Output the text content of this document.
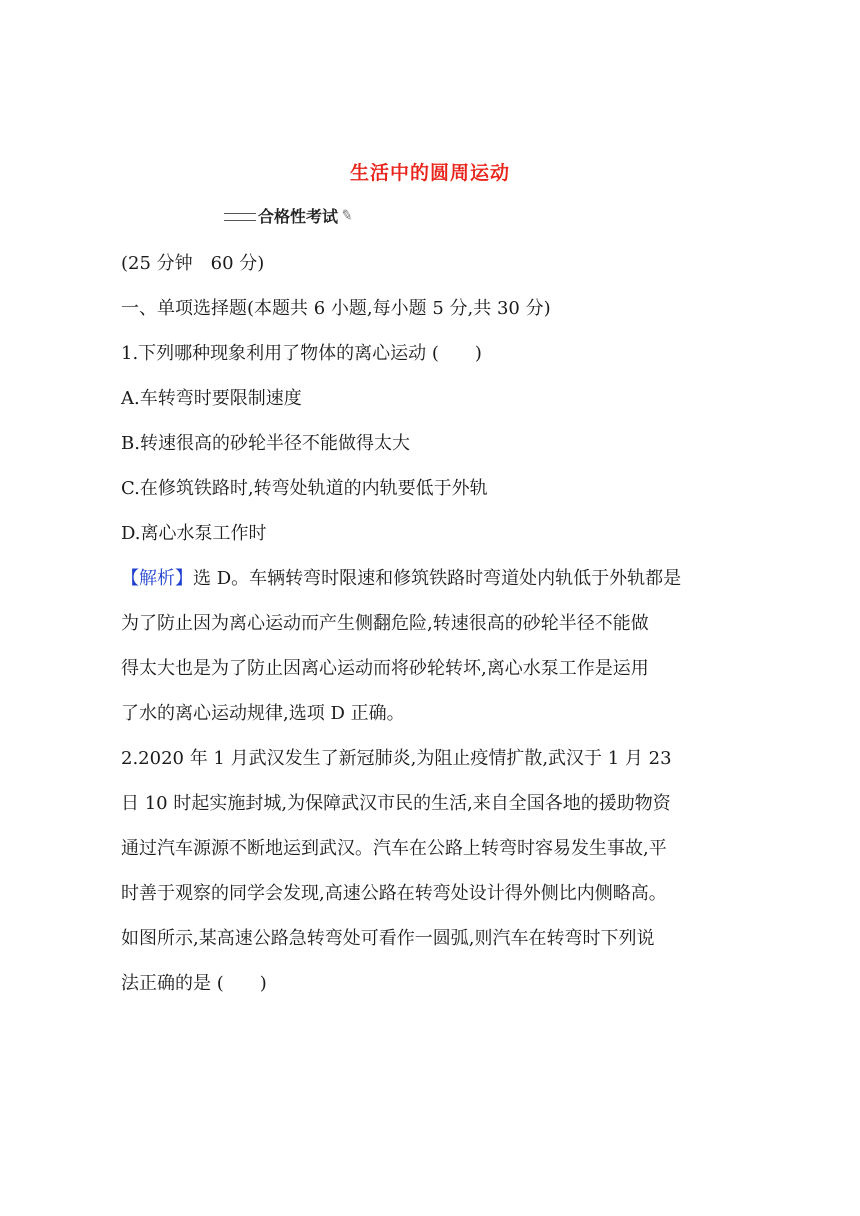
生活中的圆周运动
合格性考试 ✎
(25 分钟　60 分)
一、单项选择题(本题共 6 小题,每小题 5 分,共 30 分)
1.下列哪种现象利用了物体的离心运动 (　　)
A.车转弯时要限制速度
B.转速很高的砂轮半径不能做得太大
C.在修筑铁路时,转弯处轨道的内轨要低于外轨
D.离心水泵工作时
【解析】选 D。车辆转弯时限速和修筑铁路时弯道处内轨低于外轨都是
为了防止因为离心运动而产生侧翻危险,转速很高的砂轮半径不能做
得太大也是为了防止因离心运动而将砂轮转坏,离心水泵工作是运用
了水的离心运动规律,选项 D 正确。
2.2020 年 1 月武汉发生了新冠肺炎,为阻止疫情扩散,武汉于 1 月 23
日 10 时起实施封城,为保障武汉市民的生活,来自全国各地的援助物资
通过汽车源源不断地运到武汉。汽车在公路上转弯时容易发生事故,平
时善于观察的同学会发现,高速公路在转弯处设计得外侧比内侧略高。
如图所示,某高速公路急转弯处可看作一圆弧,则汽车在转弯时下列说
法正确的是 (　　)
